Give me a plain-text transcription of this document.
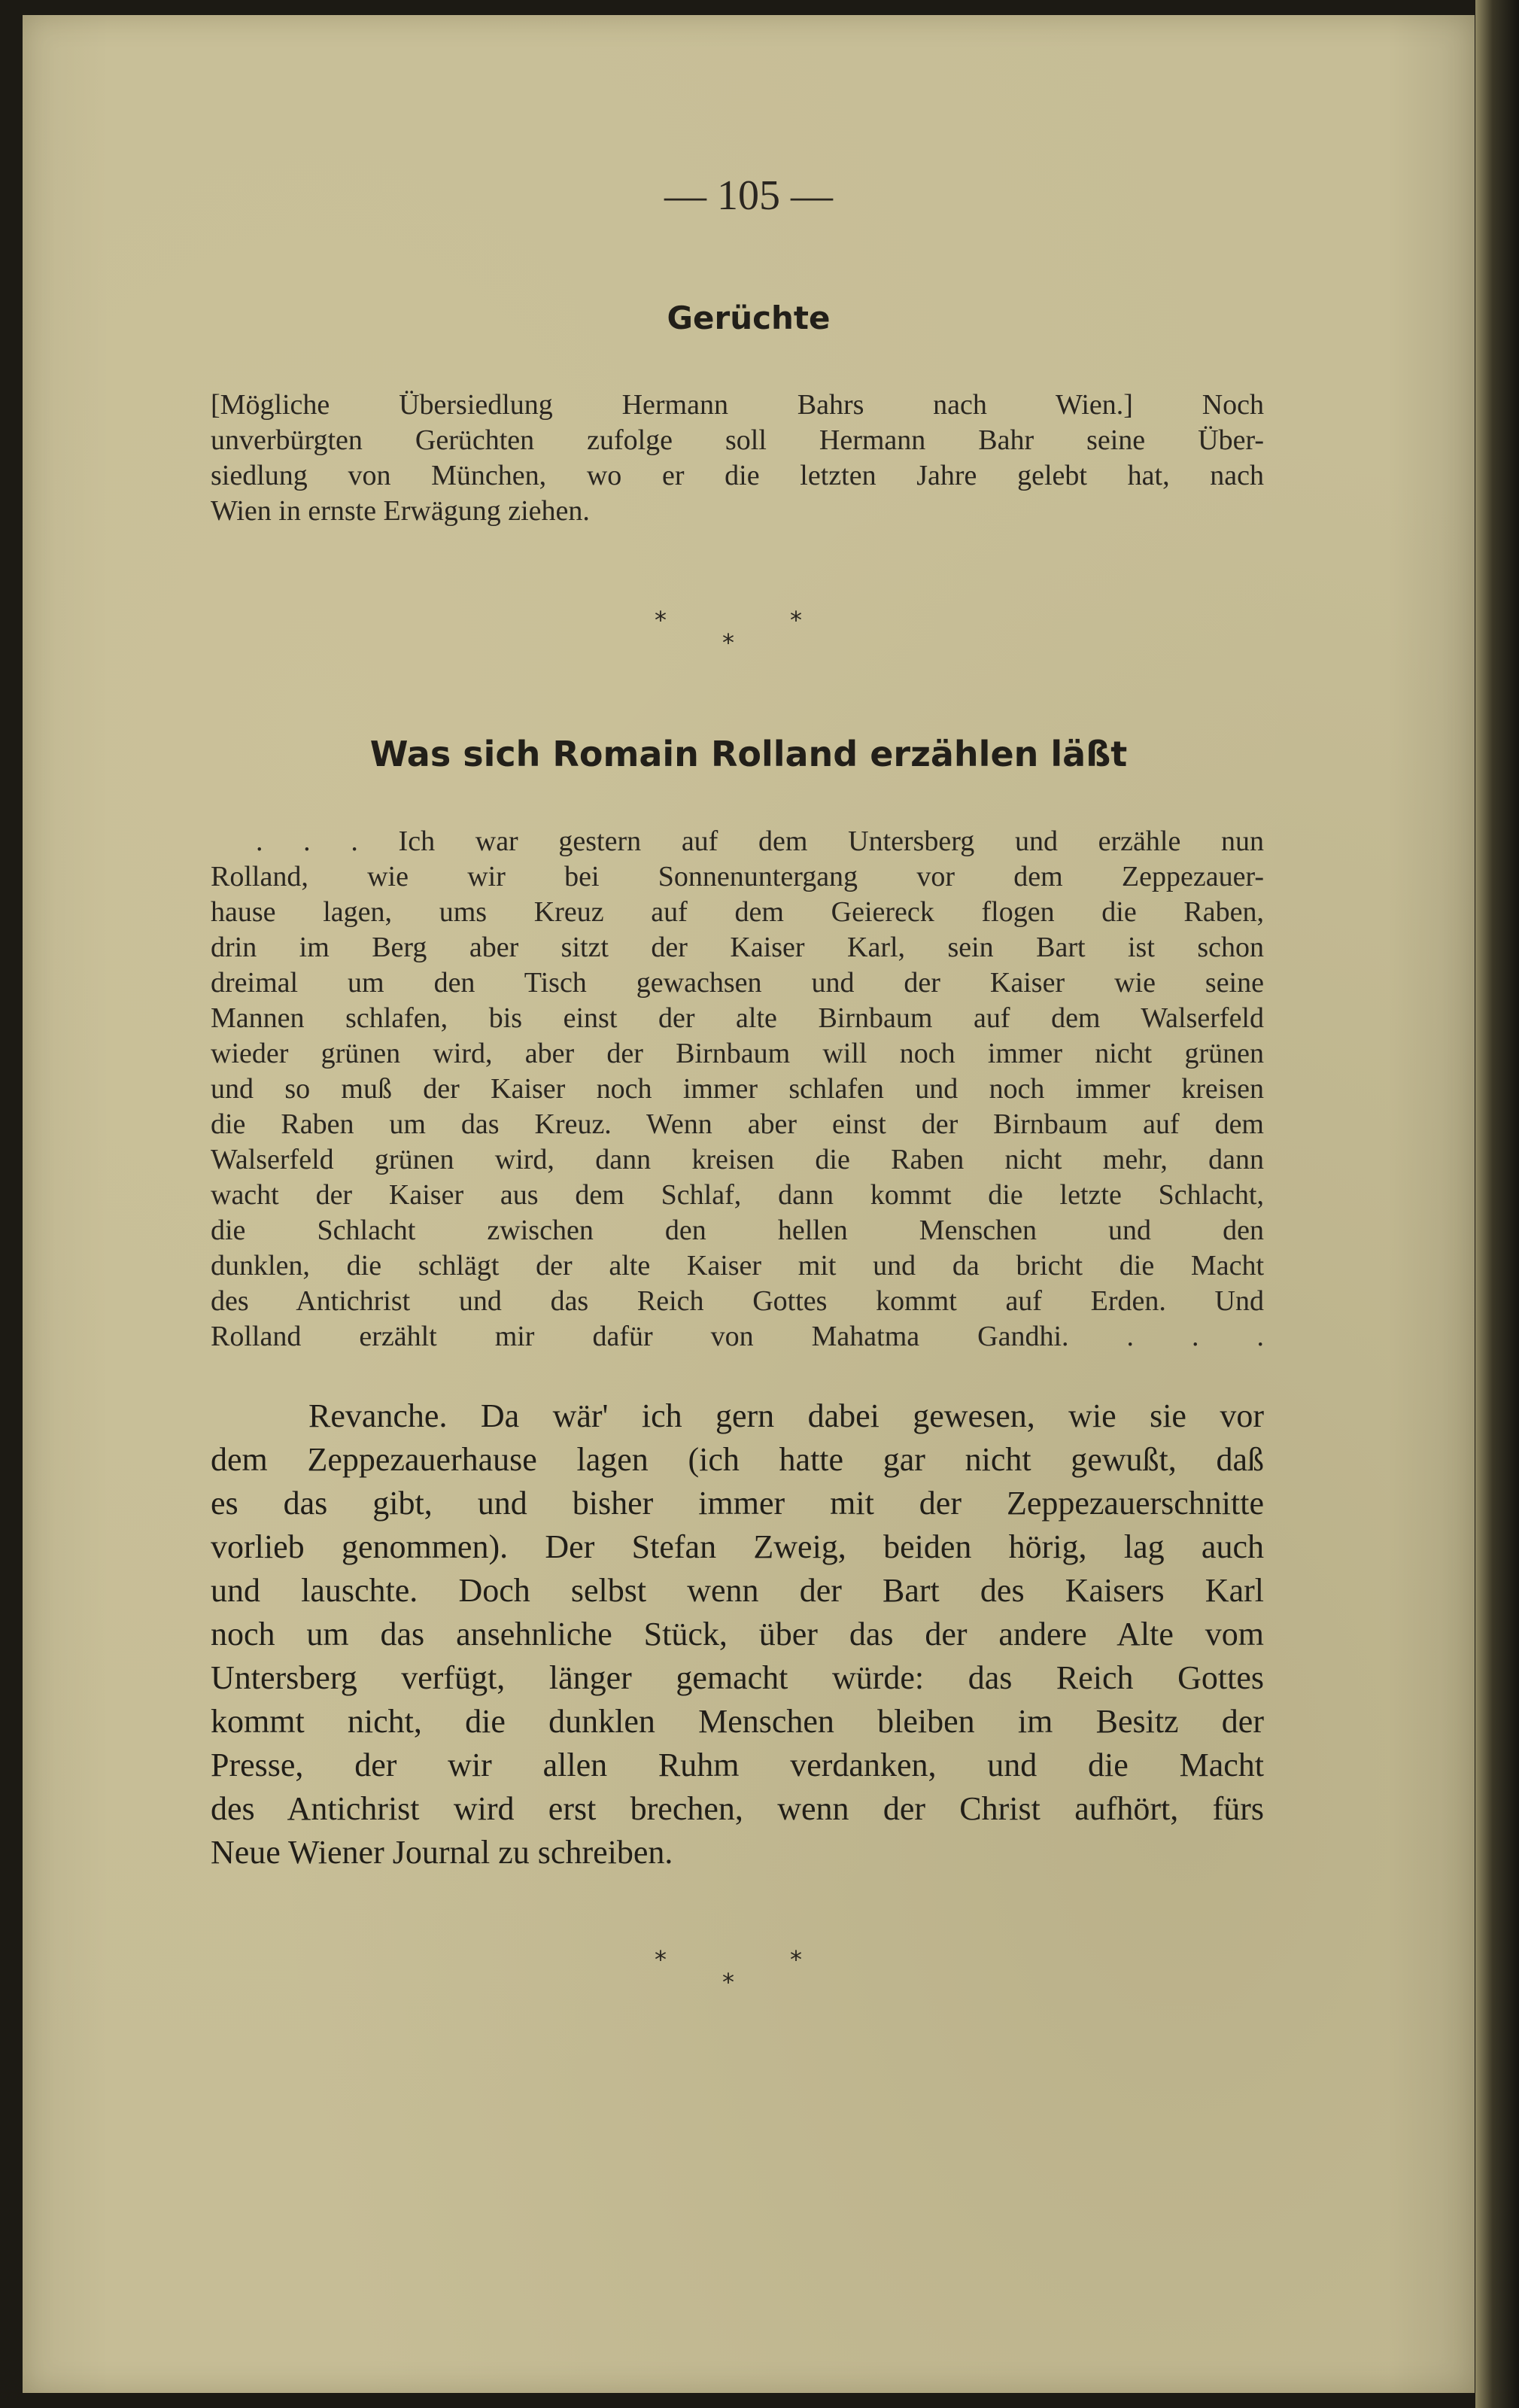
— 105 —
Gerüchte
[Mögliche Übersiedlung Hermann Bahrs nach Wien.] Noch
unverbürgten Gerüchten zufolge soll Hermann Bahr seine Über-
siedlung von München, wo er die letzten Jahre gelebt hat, nach
Wien in ernste Erwägung ziehen.
*	*
*
Was sich Romain Rolland erzählen läßt
. . . Ich war gestern auf dem Untersberg und erzähle nun
Rolland, wie wir bei Sonnenuntergang vor dem Zeppezauer-
hause lagen, ums Kreuz auf dem Geiereck flogen die Raben,
drin im Berg aber sitzt der Kaiser Karl, sein Bart ist schon
dreimal um den Tisch gewachsen und der Kaiser wie seine
Mannen schlafen, bis einst der alte Birnbaum auf dem Walserfeld
wieder grünen wird, aber der Birnbaum will noch immer nicht grünen
und so muß der Kaiser noch immer schlafen und noch immer kreisen
die Raben um das Kreuz. Wenn aber einst der Birnbaum auf dem
Walserfeld grünen wird, dann kreisen die Raben nicht mehr, dann
wacht der Kaiser aus dem Schlaf, dann kommt die letzte Schlacht,
die Schlacht zwischen den hellen Menschen und den
dunklen, die schlägt der alte Kaiser mit und da bricht die Macht
des Antichrist und das Reich Gottes kommt auf Erden. Und
Rolland erzählt mir dafür von Mahatma Gandhi. . . .
Revanche. Da wär' ich gern dabei gewesen, wie sie vor
dem Zeppezauerhause lagen (ich hatte gar nicht gewußt, daß
es das gibt, und bisher immer mit der Zeppezauerschnitte
vorlieb genommen). Der Stefan Zweig, beiden hörig, lag auch
und lauschte. Doch selbst wenn der Bart des Kaisers Karl
noch um das ansehnliche Stück, über das der andere Alte vom
Untersberg verfügt, länger gemacht würde: das Reich Gottes
kommt nicht, die dunklen Menschen bleiben im Besitz der
Presse, der wir allen Ruhm verdanken, und die Macht
des Antichrist wird erst brechen, wenn der Christ aufhört, fürs
Neue Wiener Journal zu schreiben.
*	*
*
